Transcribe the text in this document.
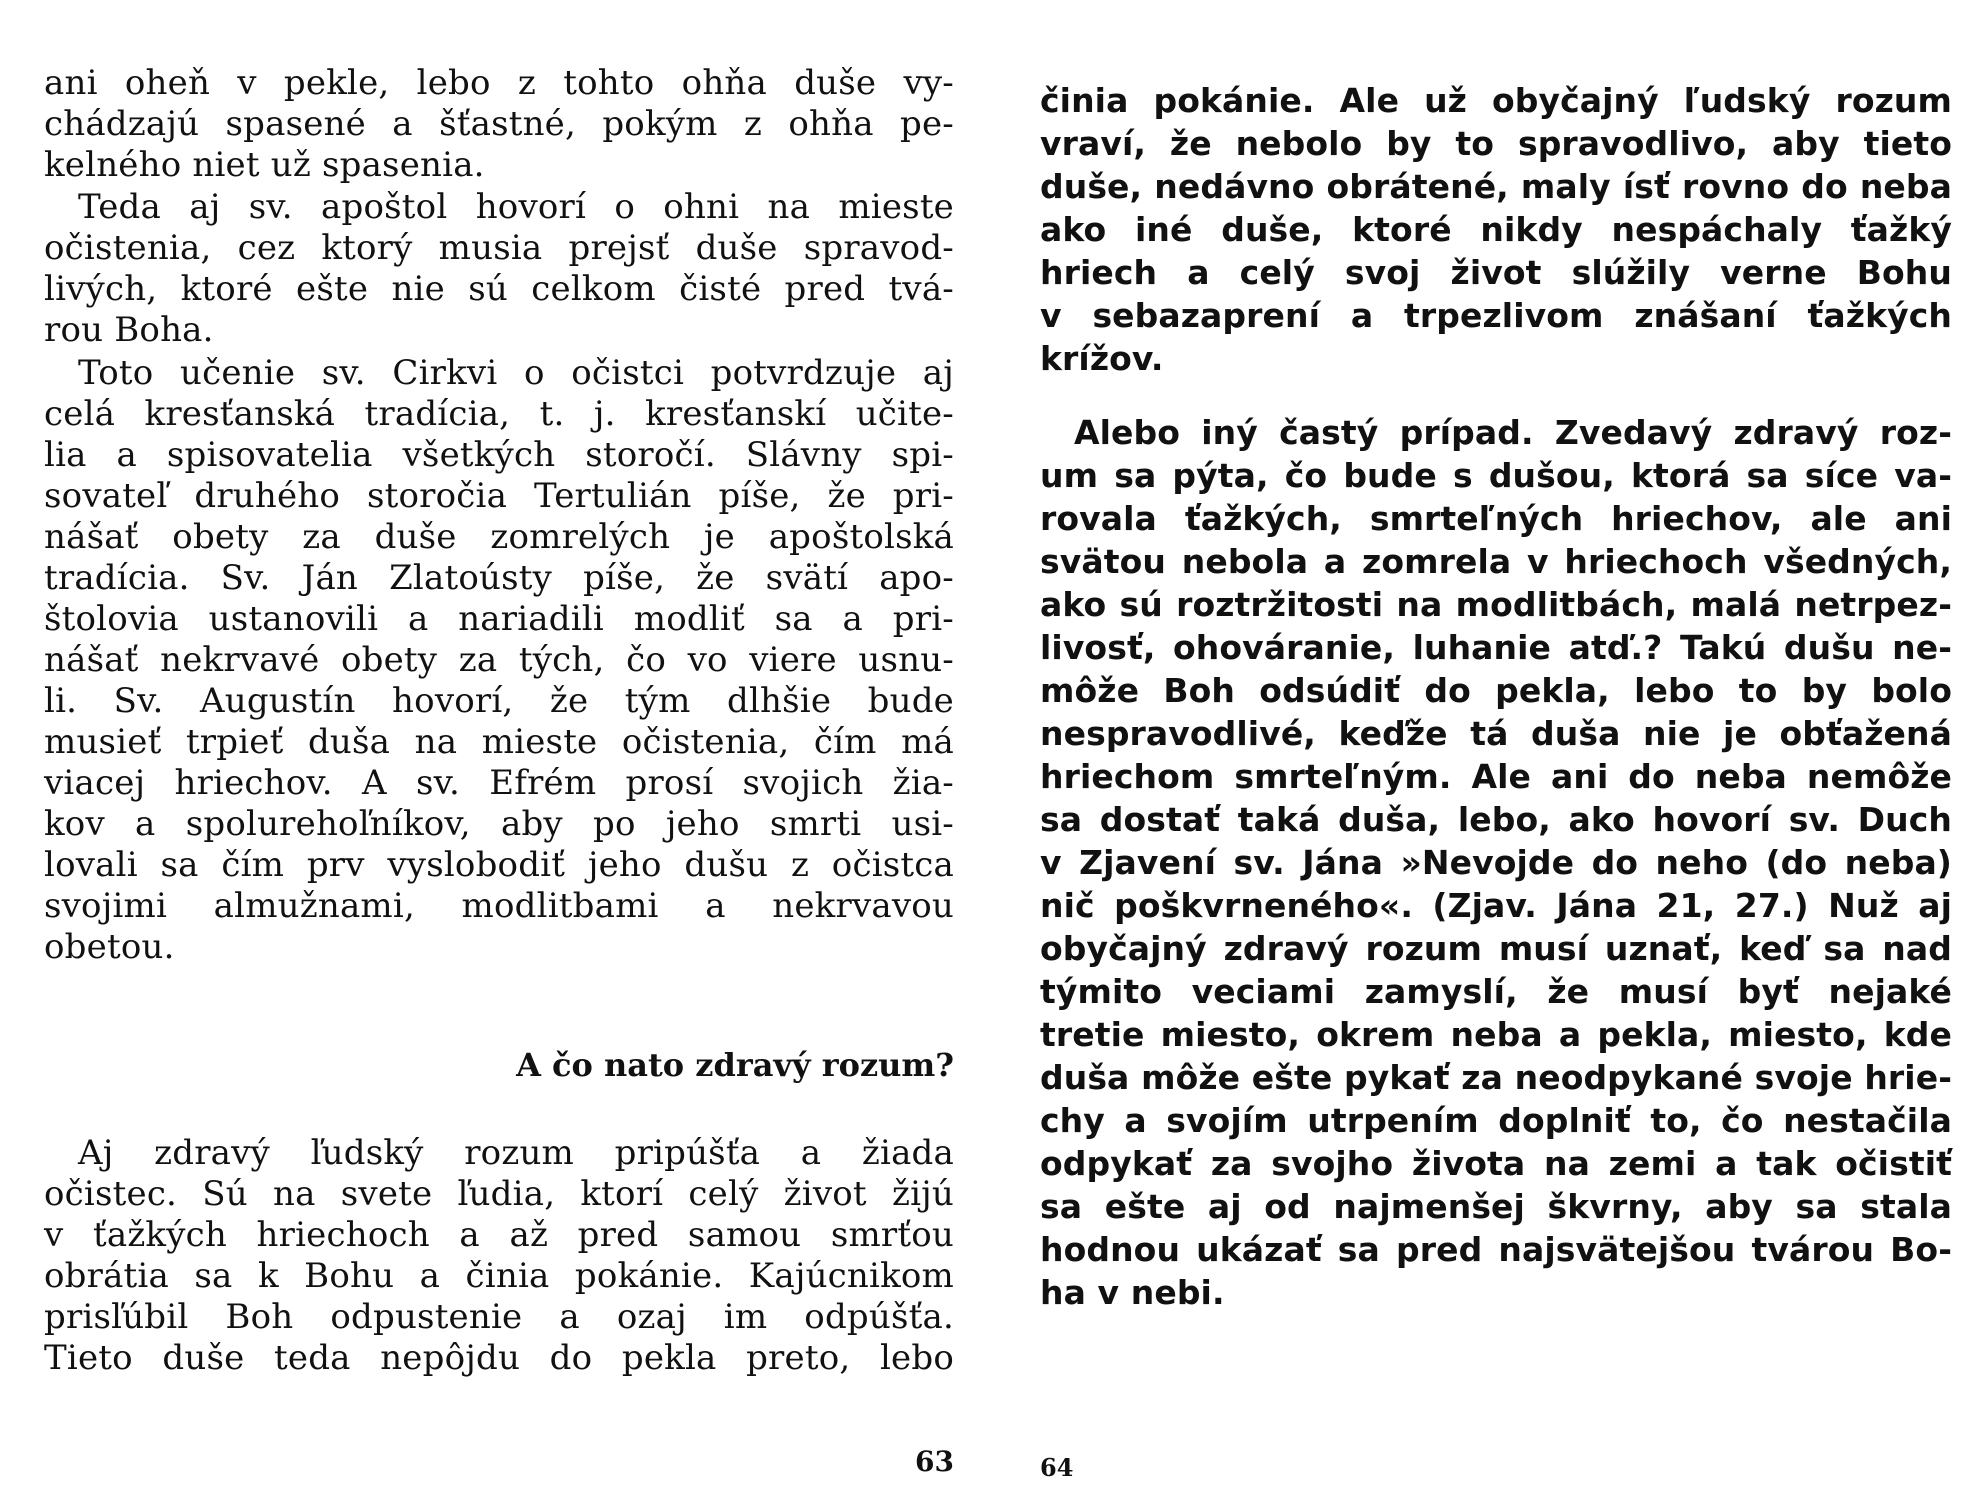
ani oheň v pekle, lebo z tohto ohňa duše vy-
chádzajú spasené a šťastné, pokým z ohňa pe-
kelného niet už spasenia.
Teda aj sv. apoštol hovorí o ohni na mieste
očistenia, cez ktorý musia prejsť duše spravod-
livých, ktoré ešte nie sú celkom čisté pred tvá-
rou Boha.
Toto učenie sv. Cirkvi o očistci potvrdzuje aj
celá kresťanská tradícia, t. j. kresťanskí učite-
lia a spisovatelia všetkých storočí. Slávny spi-
sovateľ druhého storočia Tertulián píše, že pri-
nášať obety za duše zomrelých je apoštolská
tradícia. Sv. Ján Zlatoústy píše, že svätí apo-
štolovia ustanovili a nariadili modliť sa a pri-
nášať nekrvavé obety za tých, čo vo viere usnu-
li. Sv. Augustín hovorí, že tým dlhšie bude
musieť trpieť duša na mieste očistenia, čím má
viacej hriechov. A sv. Efrém prosí svojich žia-
kov a spolurehoľníkov, aby po jeho smrti usi-
lovali sa čím prv vyslobodiť jeho dušu z očistca
svojimi almužnami, modlitbami a nekrvavou
obetou.
A čo nato zdravý rozum?
Aj zdravý ľudský rozum pripúšťa a žiada
očistec. Sú na svete ľudia, ktorí celý život žijú
v ťažkých hriechoch a až pred samou smrťou
obrátia sa k Bohu a činia pokánie. Kajúcnikom
prisľúbil Boh odpustenie a ozaj im odpúšťa.
Tieto duše teda nepôjdu do pekla preto, lebo
63
činia pokánie. Ale už obyčajný ľudský rozum
vraví, že nebolo by to spravodlivo, aby tieto
duše, nedávno obrátené, maly ísť rovno do neba
ako iné duše, ktoré nikdy nespáchaly ťažký
hriech a celý svoj život slúžily verne Bohu
v sebazaprení a trpezlivom znášaní ťažkých
krížov.
Alebo iný častý prípad. Zvedavý zdravý roz-
um sa pýta, čo bude s dušou, ktorá sa síce va-
rovala ťažkých, smrteľných hriechov, ale ani
svätou nebola a zomrela v hriechoch všedných,
ako sú roztržitosti na modlitbách, malá netrpez-
livosť, ohováranie, luhanie atď.? Takú dušu ne-
môže Boh odsúdiť do pekla, lebo to by bolo
nespravodlivé, keďže tá duša nie je obťažená
hriechom smrteľným. Ale ani do neba nemôže
sa dostať taká duša, lebo, ako hovorí sv. Duch
v Zjavení sv. Jána »Nevojde do neho (do neba)
nič poškvrneného«. (Zjav. Jána 21, 27.) Nuž aj
obyčajný zdravý rozum musí uznať, keď sa nad
týmito veciami zamyslí, že musí byť nejaké
tretie miesto, okrem neba a pekla, miesto, kde
duša môže ešte pykať za neodpykané svoje hrie-
chy a svojím utrpením doplniť to, čo nestačila
odpykať za svojho života na zemi a tak očistiť
sa ešte aj od najmenšej škvrny, aby sa stala
hodnou ukázať sa pred najsvätejšou tvárou Bo-
ha v nebi.
64
